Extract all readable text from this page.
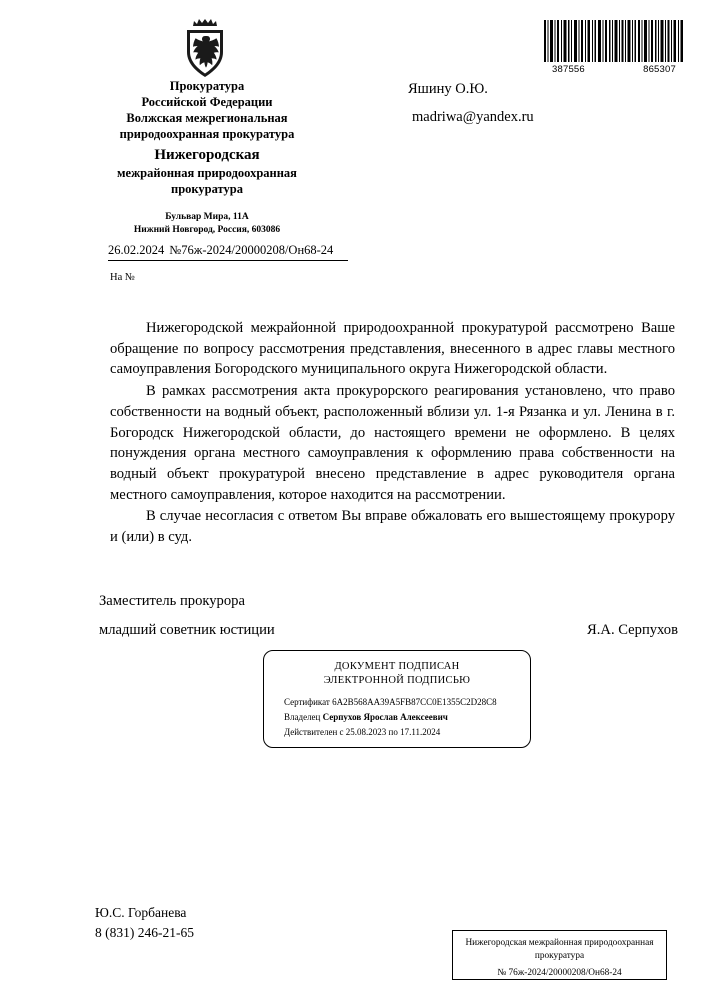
387556	865307
Прокуратура
Российской Федерации
Волжская межрегиональная
природоохранная прокуратура
Нижегородская
межрайонная природоохранная
прокуратура
Бульвар Мира, 11А
Нижний Новгород, Россия, 603086
Яшину О.Ю.
madriwa@yandex.ru
26.02.2024 №76ж-2024/20000208/Он68-24
На №

Нижегородской межрайонной природоохранной прокуратурой рассмотрено Ваше обращение по вопросу рассмотрения представления, внесенного в адрес главы местного самоуправления Богородского муниципального округа Нижегородской области.

В рамках рассмотрения акта прокурорского реагирования установлено, что право собственности на водный объект, расположенный вблизи ул. 1-я Рязанка и ул. Ленина в г. Богородск Нижегородской области, до настоящего времени не оформлено. В целях понуждения органа местного самоуправления к оформлению права собственности на водный объект прокуратурой внесено представление в адрес руководителя органа местного самоуправления, которое находится на рассмотрении.

В случае несогласия с ответом Вы вправе обжаловать его вышестоящему прокурору и (или) в суд.

Заместитель прокурора
младший советник юстиции	Я.А. Серпухов
ДОКУМЕНТ ПОДПИСАН
ЭЛЕКТРОННОЙ ПОДПИСЬЮ
Сертификат 6A2B568AA39A5FB87CC0E1355C2D28C8
Владелец Серпухов Ярослав Алексеевич
Действителен с 25.08.2023 по 17.11.2024
Ю.С. Горбанева
8 (831) 246-21-65
Нижегородская межрайонная природоохранная
прокуратура
№ 76ж-2024/20000208/Он68-24
